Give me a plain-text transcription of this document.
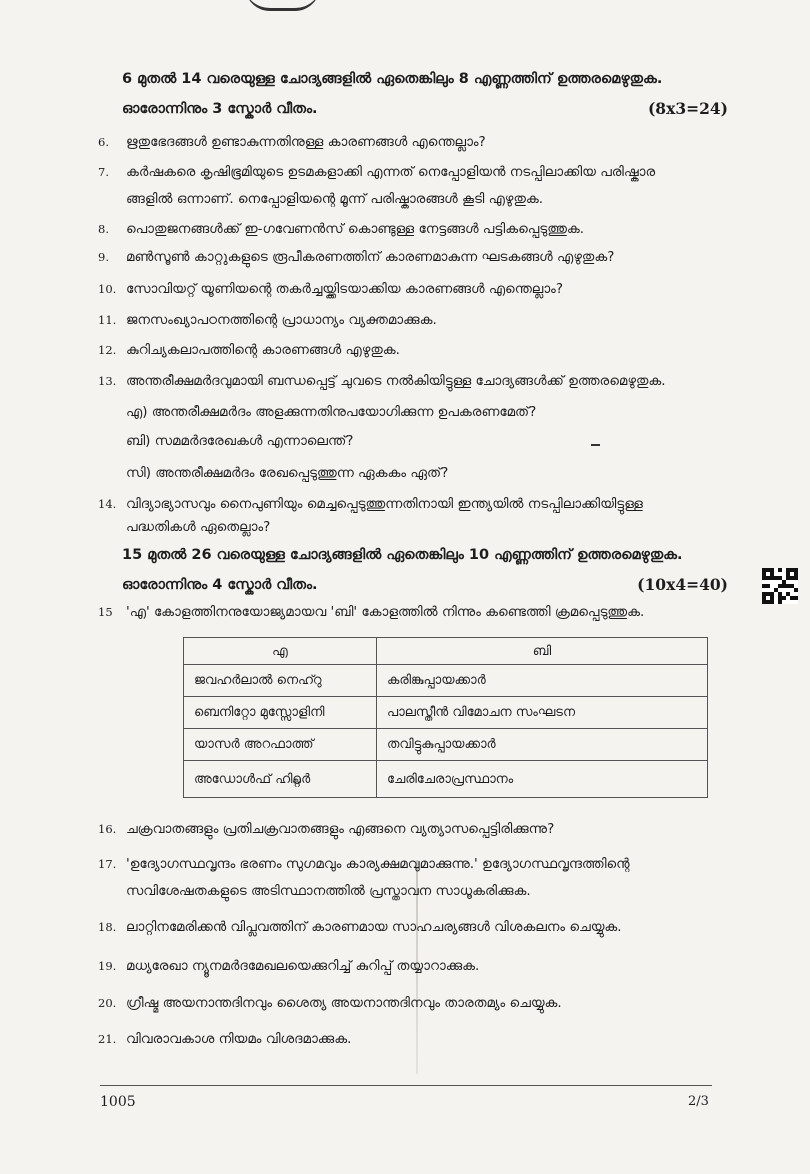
6 മുതൽ 14 വരെയുള്ള ചോദ്യങ്ങളിൽ ഏതെങ്കിലും 8 എണ്ണത്തിന് ഉത്തരമെഴുതുക.
ഓരോന്നിനും 3 സ്കോർ വീതം.	(8x3=24)
6.	ഋതുഭേദങ്ങൾ ഉണ്ടാകുന്നതിനുള്ള കാരണങ്ങൾ എന്തെല്ലാം?
7.	കർഷകരെ കൃഷിഭൂമിയുടെ ഉടമകളാക്കി എന്നത് നെപ്പോളിയൻ നടപ്പിലാക്കിയ പരിഷ്കാര
ങ്ങളിൽ ഒന്നാണ്. നെപ്പോളിയന്റെ മൂന്ന് പരിഷ്കാരങ്ങൾ കൂടി എഴുതുക.
8.	പൊതുജനങ്ങൾക്ക് ഇ-ഗവേണൻസ് കൊണ്ടുള്ള നേട്ടങ്ങൾ പട്ടികപ്പെടുത്തുക.
9.	മൺസൂൺ കാറ്റുകളുടെ രൂപീകരണത്തിന് കാരണമാകുന്ന ഘടകങ്ങൾ എഴുതുക?
10. സോവിയറ്റ് യൂണിയന്റെ തകർച്ചയ്ക്കിടയാക്കിയ കാരണങ്ങൾ എന്തെല്ലാം?
11. ജനസംഖ്യാപഠനത്തിന്റെ പ്രാധാന്യം വ്യക്തമാക്കുക.
12. കുറിച്യകലാപത്തിന്റെ കാരണങ്ങൾ എഴുതുക.
13. അന്തരീക്ഷമർദവുമായി ബന്ധപ്പെട്ട് ചുവടെ നൽകിയിട്ടുള്ള ചോദ്യങ്ങൾക്ക് ഉത്തരമെഴുതുക.
എ) അന്തരീക്ഷമർദം അളക്കുന്നതിനുപയോഗിക്കുന്ന ഉപകരണമേത്?
ബി) സമമർദരേഖകൾ എന്നാലെന്ത്?
സി) അന്തരീക്ഷമർദം രേഖപ്പെടുത്തുന്ന ഏകകം ഏത്?
14. വിദ്യാഭ്യാസവും നൈപുണിയും മെച്ചപ്പെടുത്തുന്നതിനായി ഇന്ത്യയിൽ നടപ്പിലാക്കിയിട്ടുള്ള
പദ്ധതികൾ ഏതെല്ലാം?
15 മുതൽ 26 വരെയുള്ള ചോദ്യങ്ങളിൽ ഏതെങ്കിലും 10 എണ്ണത്തിന് ഉത്തരമെഴുതുക.
ഓരോന്നിനും 4 സ്കോർ വീതം.	(10x4=40)
15 'എ' കോളത്തിനനുയോജ്യമായവ 'ബി' കോളത്തിൽ നിന്നും കണ്ടെത്തി ക്രമപ്പെടുത്തുക.
എ	ബി
ജവഹർലാൽ നെഹ്റു	കരിങ്കുപ്പായക്കാർ
ബെനിറ്റോ മുസ്സോളിനി	പാലസ്തീൻ വിമോചന സംഘടന
യാസർ അറഫാത്ത്	തവിട്ടുകുപ്പായക്കാർ
അഡോൾഫ് ഹിറ്റ്ലർ	ചേരിചേരാപ്രസ്ഥാനം
16. ചക്രവാതങ്ങളും പ്രതിചക്രവാതങ്ങളും എങ്ങനെ വ്യത്യാസപ്പെട്ടിരിക്കുന്നു?
17. 'ഉദ്യോഗസ്ഥവൃന്ദം ഭരണം സുഗമവും കാര്യക്ഷമവുമാക്കുന്നു.' ഉദ്യോഗസ്ഥവൃന്ദത്തിന്റെ
സവിശേഷതകളുടെ അടിസ്ഥാനത്തിൽ പ്രസ്താവന സാധൂകരിക്കുക.
18. ലാറ്റിനമേരിക്കൻ വിപ്ലവത്തിന് കാരണമായ സാഹചര്യങ്ങൾ വിശകലനം ചെയ്യുക.
19. മധ്യരേഖാ ന്യൂനമർദമേഖലയെക്കുറിച്ച് കുറിപ്പ് തയ്യാറാക്കുക.
20. ഗ്രീഷ്മ അയനാന്തദിനവും ശൈത്യ അയനാന്തദിനവും താരതമ്യം ചെയ്യുക.
21. വിവരാവകാശ നിയമം വിശദമാക്കുക.
1005	2/3
